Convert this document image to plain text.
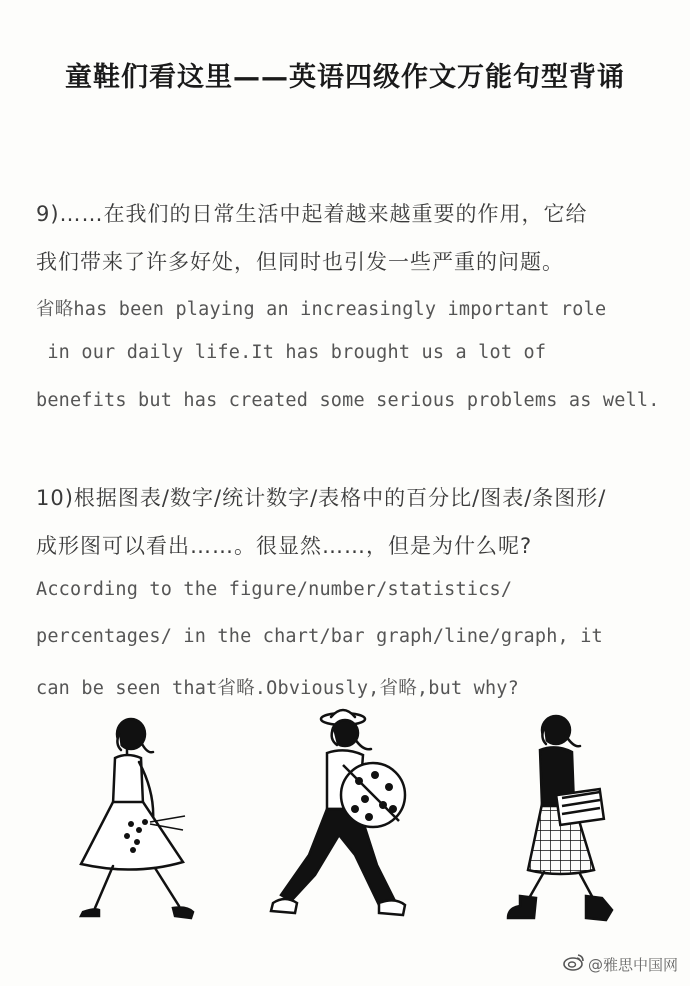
童鞋们看这里——英语四级作文万能句型背诵
9)……在我们的日常生活中起着越来越重要的作用，它给
我们带来了许多好处，但同时也引发一些严重的问题。
省略has been playing an increasingly important role
in our daily life.It has brought us a lot of
benefits but has created some serious problems as well.
10)根据图表/数字/统计数字/表格中的百分比/图表/条图形/
成形图可以看出……。很显然……，但是为什么呢?
According to the figure/number/statistics/
percentages/ in the chart/bar graph/line/graph, it
can be seen that省略.Obviously,省略,but why?
@雅思中国网
